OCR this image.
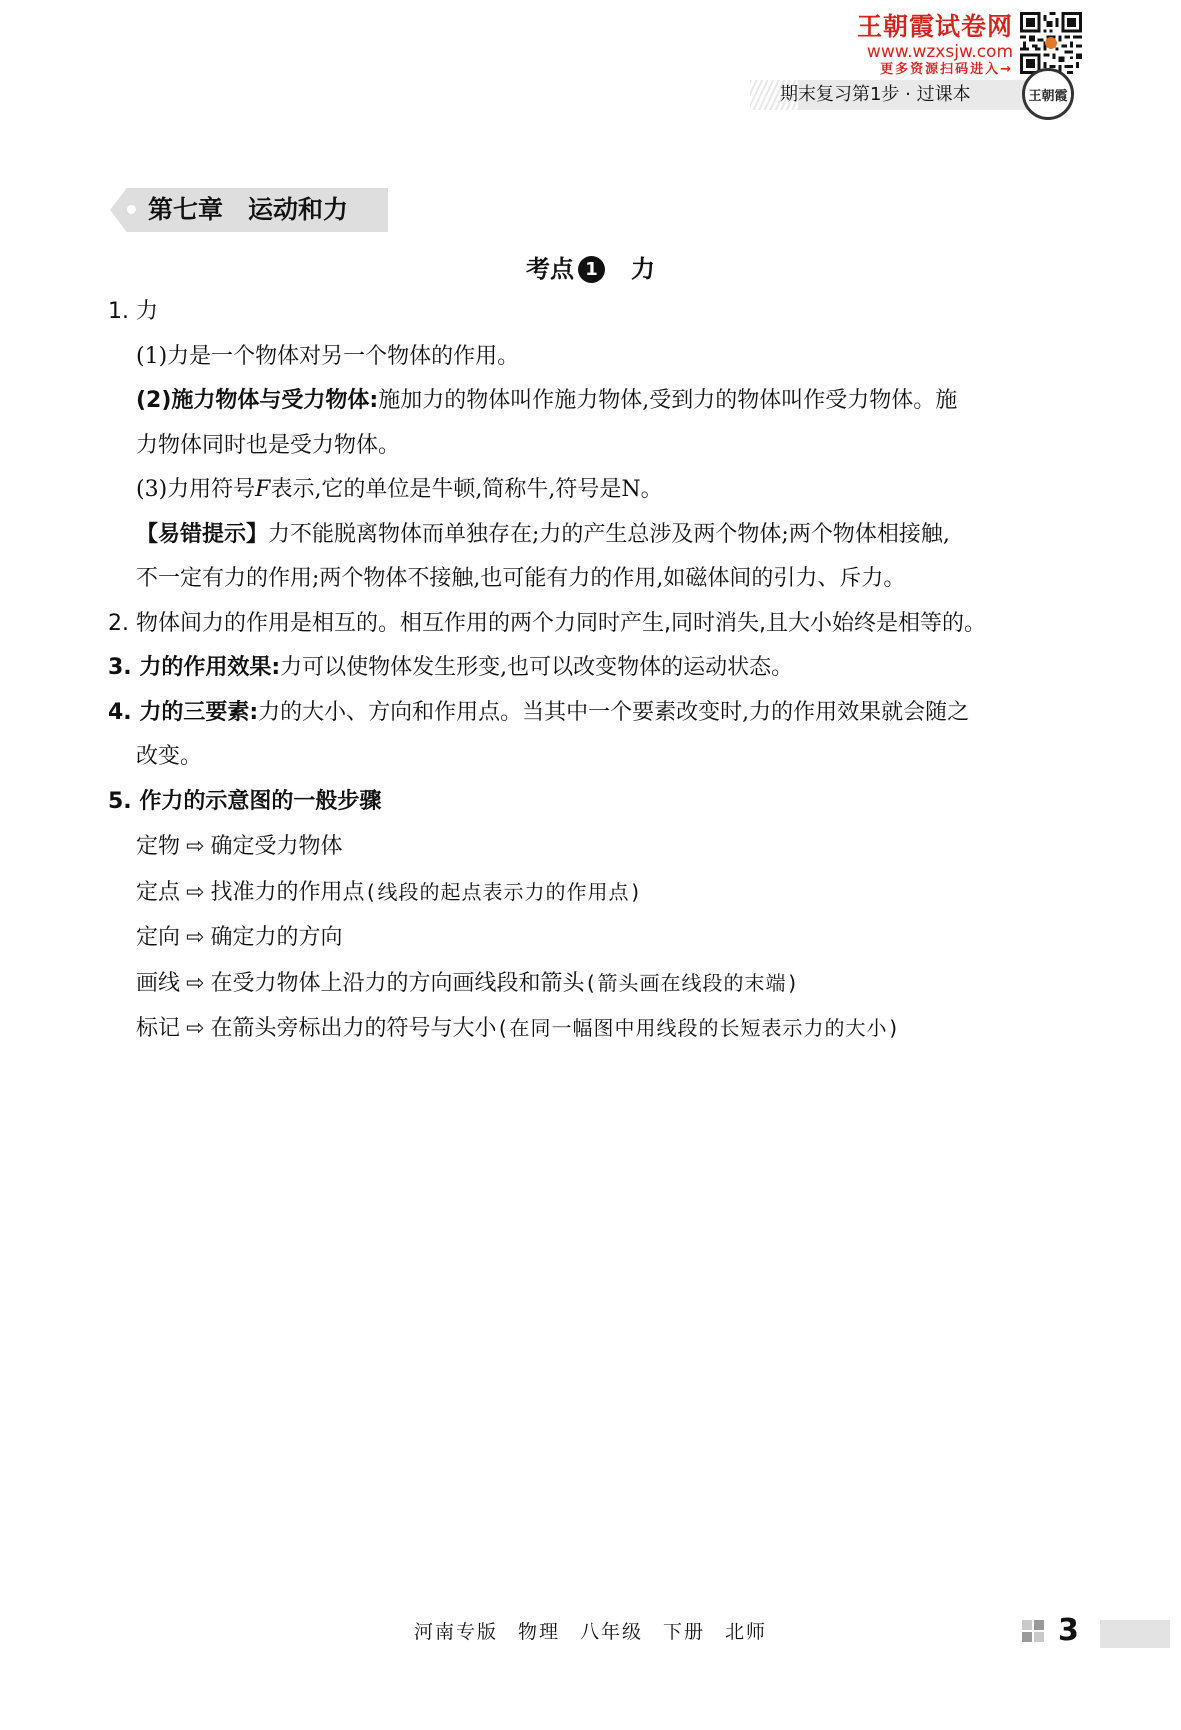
王朝霞试卷网
www.wzxsjw.com
更多资源扫码进入→
期末复习第1步 · 过课本	王朝霞
第七章　运动和力
考点 1 力
1. 力
(1)力是一个物体对另一个物体的作用。
(2)施力物体与受力物体:施加力的物体叫作施力物体,受到力的物体叫作受力物体。施
力物体同时也是受力物体。
(3)力用符号F表示,它的单位是牛顿,简称牛,符号是N。
【易错提示】力不能脱离物体而单独存在;力的产生总涉及两个物体;两个物体相接触,
不一定有力的作用;两个物体不接触,也可能有力的作用,如磁体间的引力、斥力。
2. 物体间力的作用是相互的。相互作用的两个力同时产生,同时消失,且大小始终是相等的。
3. 力的作用效果:力可以使物体发生形变,也可以改变物体的运动状态。
4. 力的三要素:力的大小、方向和作用点。当其中一个要素改变时,力的作用效果就会随之
改变。
5. 作力的示意图的一般步骤
定物 ⇨ 确定受力物体
定点 ⇨ 找准力的作用点(线段的起点表示力的作用点)
定向 ⇨ 确定力的方向
画线 ⇨ 在受力物体上沿力的方向画线段和箭头(箭头画在线段的末端)
标记 ⇨ 在箭头旁标出力的符号与大小(在同一幅图中用线段的长短表示力的大小)
河南专版 物理 八年级 下册 北师	3
